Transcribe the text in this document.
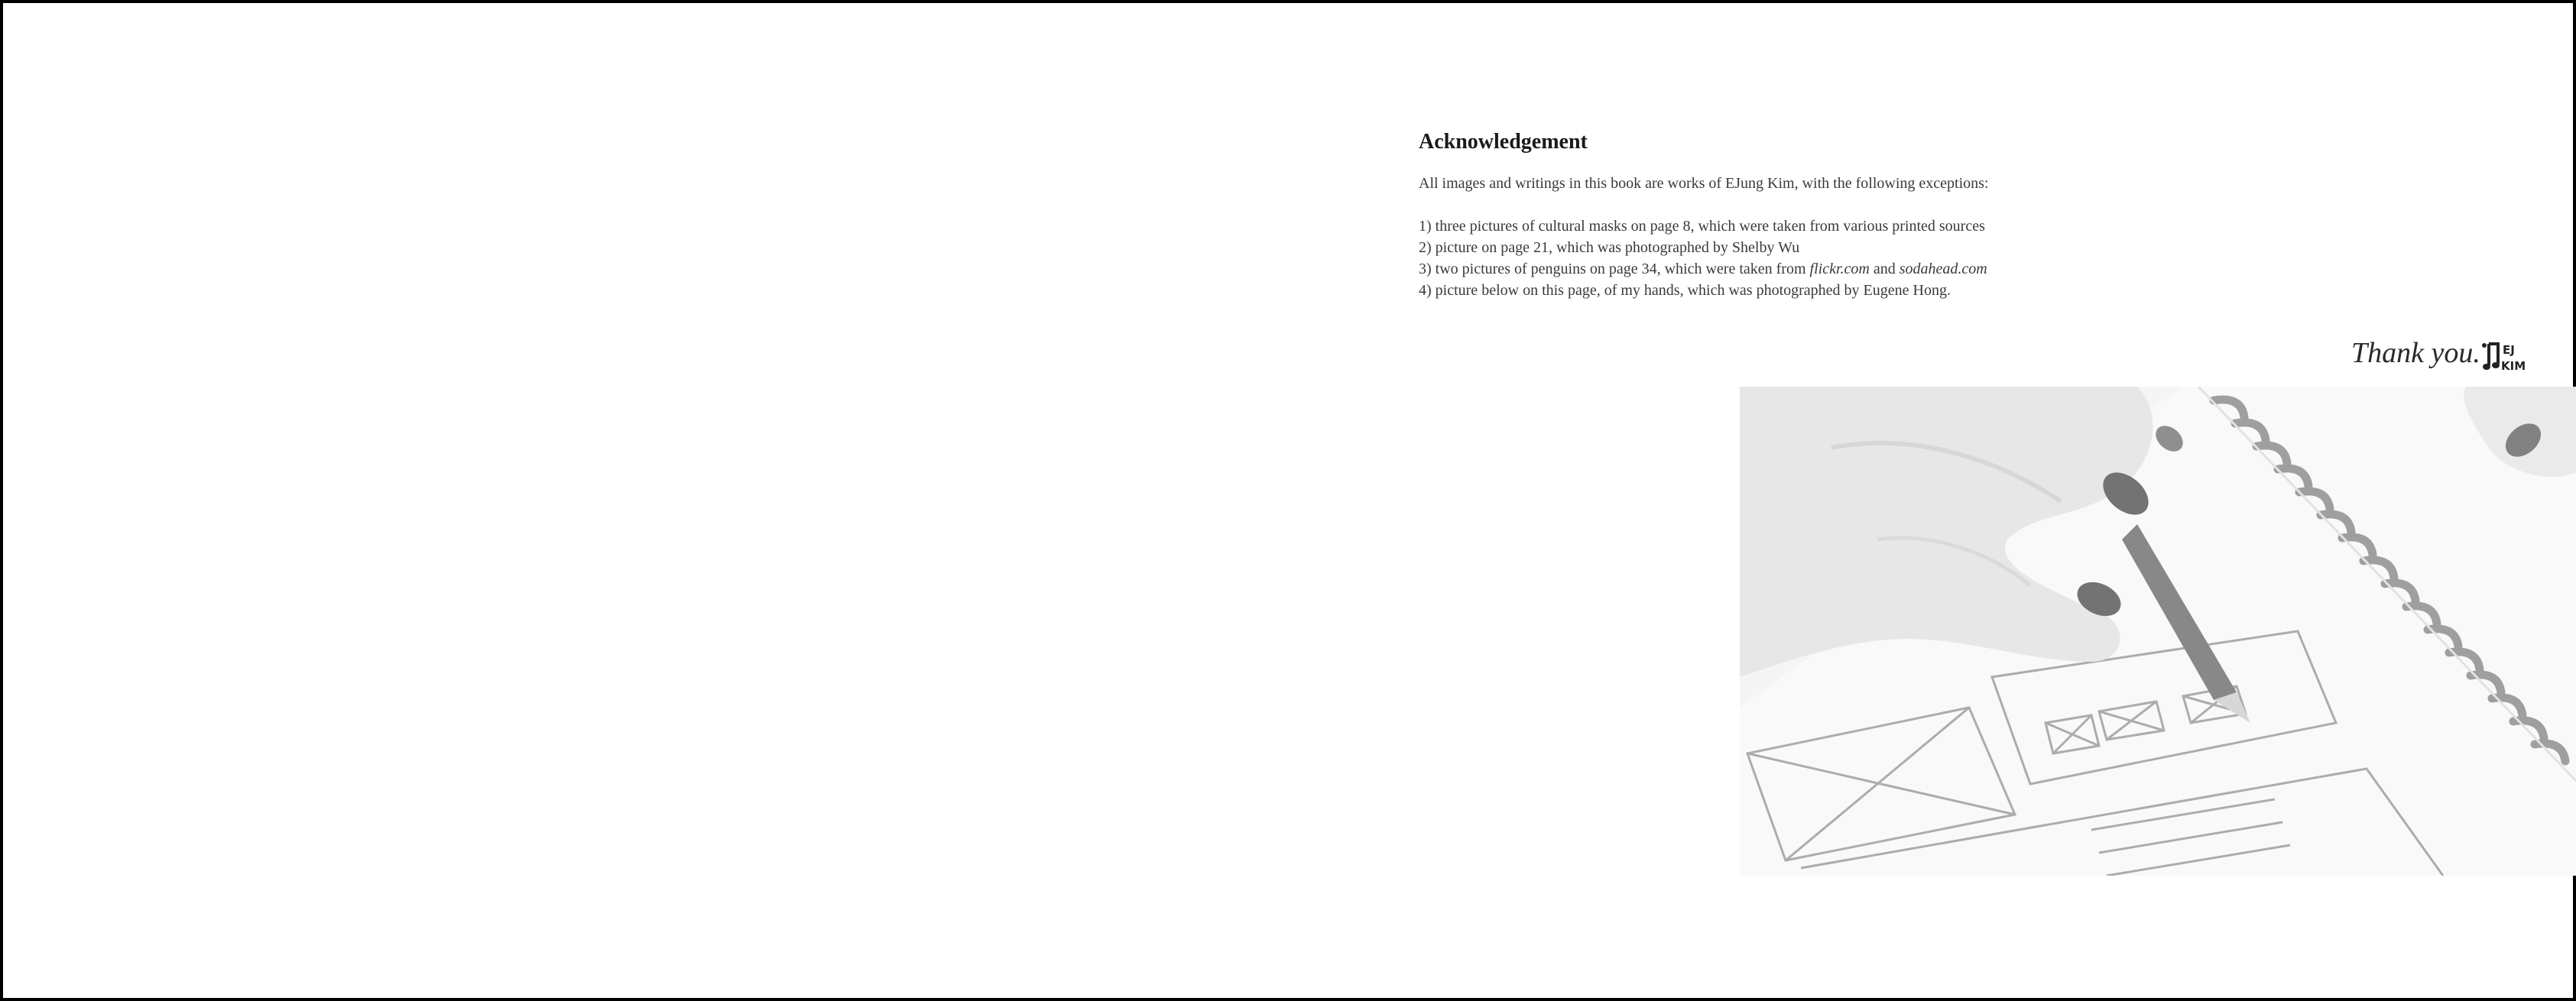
Acknowledgement
All images and writings in this book are works of EJung Kim, with the following exceptions:
1) three pictures of cultural masks on page 8, which were taken from various printed sources
2) picture on page 21, which was photographed by Shelby Wu
3) two pictures of penguins on page 34, which were taken from flickr.com and sodahead.com
4) picture below on this page, of my hands, which was photographed by Eugene Hong.
Thank you. EJ
KIM
